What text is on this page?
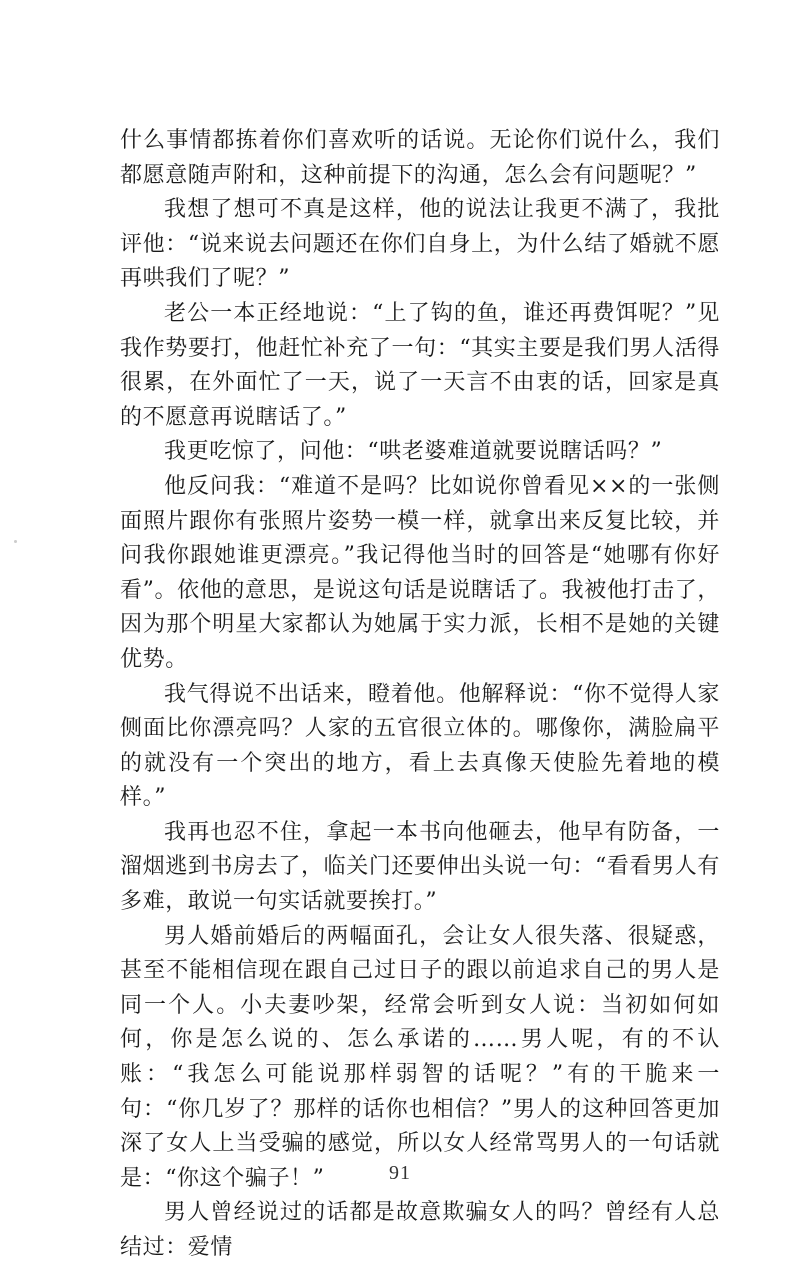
什么事情都拣着你们喜欢听的话说。无论你们说什么，我们都愿意随声附和，这种前提下的沟通，怎么会有问题呢？”

我想了想可不真是这样，他的说法让我更不满了，我批评他：“说来说去问题还在你们自身上，为什么结了婚就不愿再哄我们了呢？”

老公一本正经地说：“上了钩的鱼，谁还再费饵呢？”见我作势要打，他赶忙补充了一句：“其实主要是我们男人活得很累，在外面忙了一天，说了一天言不由衷的话，回家是真的不愿意再说瞎话了。”

我更吃惊了，问他：“哄老婆难道就要说瞎话吗？”

他反问我：“难道不是吗？比如说你曾看见××的一张侧面照片跟你有张照片姿势一模一样，就拿出来反复比较，并问我你跟她谁更漂亮。”我记得他当时的回答是“她哪有你好看”。依他的意思，是说这句话是说瞎话了。我被他打击了，因为那个明星大家都认为她属于实力派，长相不是她的关键优势。

我气得说不出话来，瞪着他。他解释说：“你不觉得人家侧面比你漂亮吗？人家的五官很立体的。哪像你，满脸扁平的就没有一个突出的地方，看上去真像天使脸先着地的模样。”

我再也忍不住，拿起一本书向他砸去，他早有防备，一溜烟逃到书房去了，临关门还要伸出头说一句：“看看男人有多难，敢说一句实话就要挨打。”

男人婚前婚后的两幅面孔，会让女人很失落、很疑惑，甚至不能相信现在跟自己过日子的跟以前追求自己的男人是同一个人。小夫妻吵架，经常会听到女人说：当初如何如何，你是怎么说的、怎么承诺的……男人呢，有的不认账：“我怎么可能说那样弱智的话呢？”有的干脆来一句：“你几岁了？那样的话你也相信？”男人的这种回答更加深了女人上当受骗的感觉，所以女人经常骂男人的一句话就是：“你这个骗子！”

男人曾经说过的话都是故意欺骗女人的吗？曾经有人总结过：爱情

91
